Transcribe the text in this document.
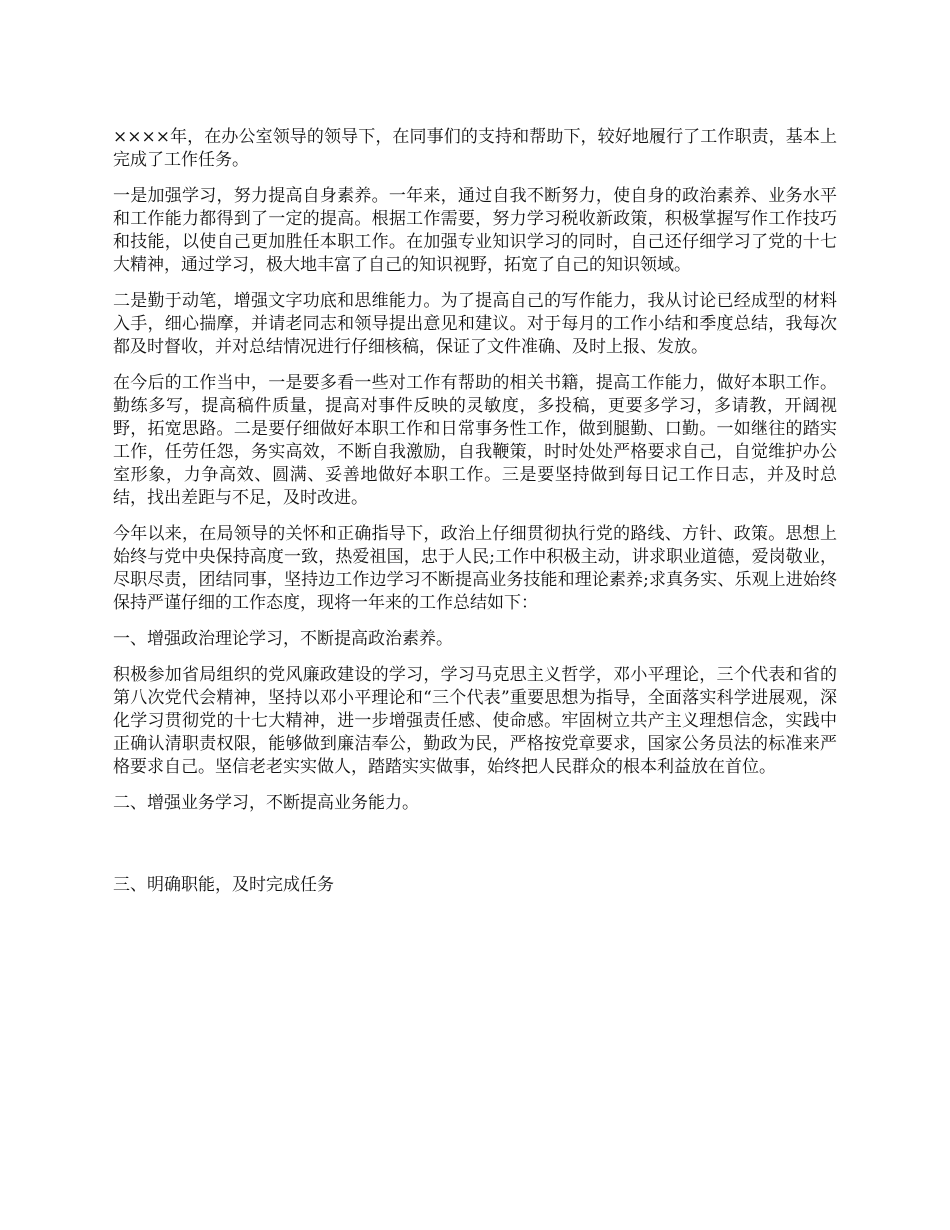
××××年，在办公室领导的领导下，在同事们的支持和帮助下，较好地履行了工作职责，基本上完成了工作任务。

一是加强学习，努力提高自身素养。一年来，通过自我不断努力，使自身的政治素养、业务水平和工作能力都得到了一定的提高。根据工作需要，努力学习税收新政策，积极掌握写作工作技巧和技能，以使自己更加胜任本职工作。在加强专业知识学习的同时，自己还仔细学习了党的十七大精神，通过学习，极大地丰富了自己的知识视野，拓宽了自己的知识领域。

二是勤于动笔，增强文字功底和思维能力。为了提高自己的写作能力，我从讨论已经成型的材料入手，细心揣摩，并请老同志和领导提出意见和建议。对于每月的工作小结和季度总结，我每次都及时督收，并对总结情况进行仔细核稿，保证了文件准确、及时上报、发放。

在今后的工作当中，一是要多看一些对工作有帮助的相关书籍，提高工作能力，做好本职工作。勤练多写，提高稿件质量，提高对事件反映的灵敏度，多投稿，更要多学习，多请教，开阔视野，拓宽思路。二是要仔细做好本职工作和日常事务性工作，做到腿勤、口勤。一如继往的踏实工作，任劳任怨，务实高效，不断自我激励，自我鞭策，时时处处严格要求自己，自觉维护办公室形象，力争高效、圆满、妥善地做好本职工作。三是要坚持做到每日记工作日志，并及时总结，找出差距与不足，及时改进。

今年以来，在局领导的关怀和正确指导下，政治上仔细贯彻执行党的路线、方针、政策。思想上始终与党中央保持高度一致，热爱祖国，忠于人民;工作中积极主动，讲求职业道德，爱岗敬业，尽职尽责，团结同事，坚持边工作边学习不断提高业务技能和理论素养;求真务实、乐观上进始终保持严谨仔细的工作态度，现将一年来的工作总结如下：

一、增强政治理论学习，不断提高政治素养。

积极参加省局组织的党风廉政建设的学习，学习马克思主义哲学，邓小平理论，三个代表和省的第八次党代会精神，坚持以邓小平理论和“三个代表”重要思想为指导，全面落实科学进展观，深化学习贯彻党的十七大精神，进一步增强责任感、使命感。牢固树立共产主义理想信念，实践中正确认清职责权限，能够做到廉洁奉公，勤政为民，严格按党章要求，国家公务员法的标准来严格要求自己。坚信老老实实做人，踏踏实实做事，始终把人民群众的根本利益放在首位。

二、增强业务学习，不断提高业务能力。

三、明确职能，及时完成任务
